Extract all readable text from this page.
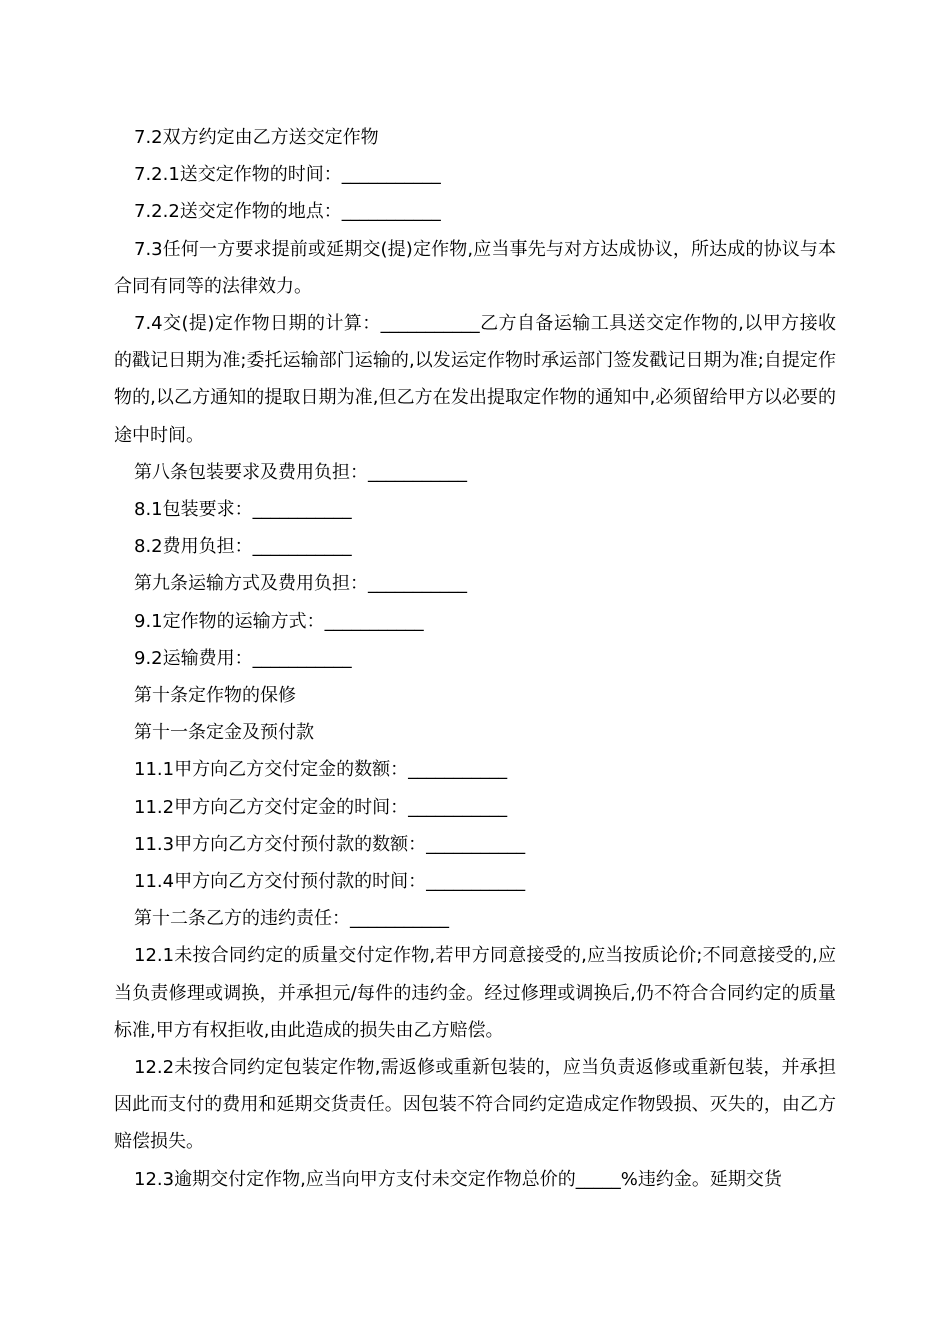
7.2双方约定由乙方送交定作物

7.2.1送交定作物的时间：___________

7.2.2送交定作物的地点：___________

7.3任何一方要求提前或延期交(提)定作物,应当事先与对方达成协议，所达成的协议与本合同有同等的法律效力。

7.4交(提)定作物日期的计算：___________乙方自备运输工具送交定作物的,以甲方接收的戳记日期为准;委托运输部门运输的,以发运定作物时承运部门签发戳记日期为准;自提定作物的,以乙方通知的提取日期为准,但乙方在发出提取定作物的通知中,必须留给甲方以必要的途中时间。

第八条包装要求及费用负担：___________

8.1包装要求：___________

8.2费用负担：___________

第九条运输方式及费用负担：___________

9.1定作物的运输方式：___________

9.2运输费用：___________

第十条定作物的保修

第十一条定金及预付款

11.1甲方向乙方交付定金的数额：___________

11.2甲方向乙方交付定金的时间：___________

11.3甲方向乙方交付预付款的数额：___________

11.4甲方向乙方交付预付款的时间：___________

第十二条乙方的违约责任：___________

12.1未按合同约定的质量交付定作物,若甲方同意接受的,应当按质论价;不同意接受的,应当负责修理或调换，并承担元/每件的违约金。经过修理或调换后,仍不符合合同约定的质量标准,甲方有权拒收,由此造成的损失由乙方赔偿。

12.2未按合同约定包装定作物,需返修或重新包装的，应当负责返修或重新包装，并承担因此而支付的费用和延期交货责任。因包装不符合同约定造成定作物毁损、灭失的，由乙方赔偿损失。

12.3逾期交付定作物,应当向甲方支付未交定作物总价的_____%违约金。延期交货
